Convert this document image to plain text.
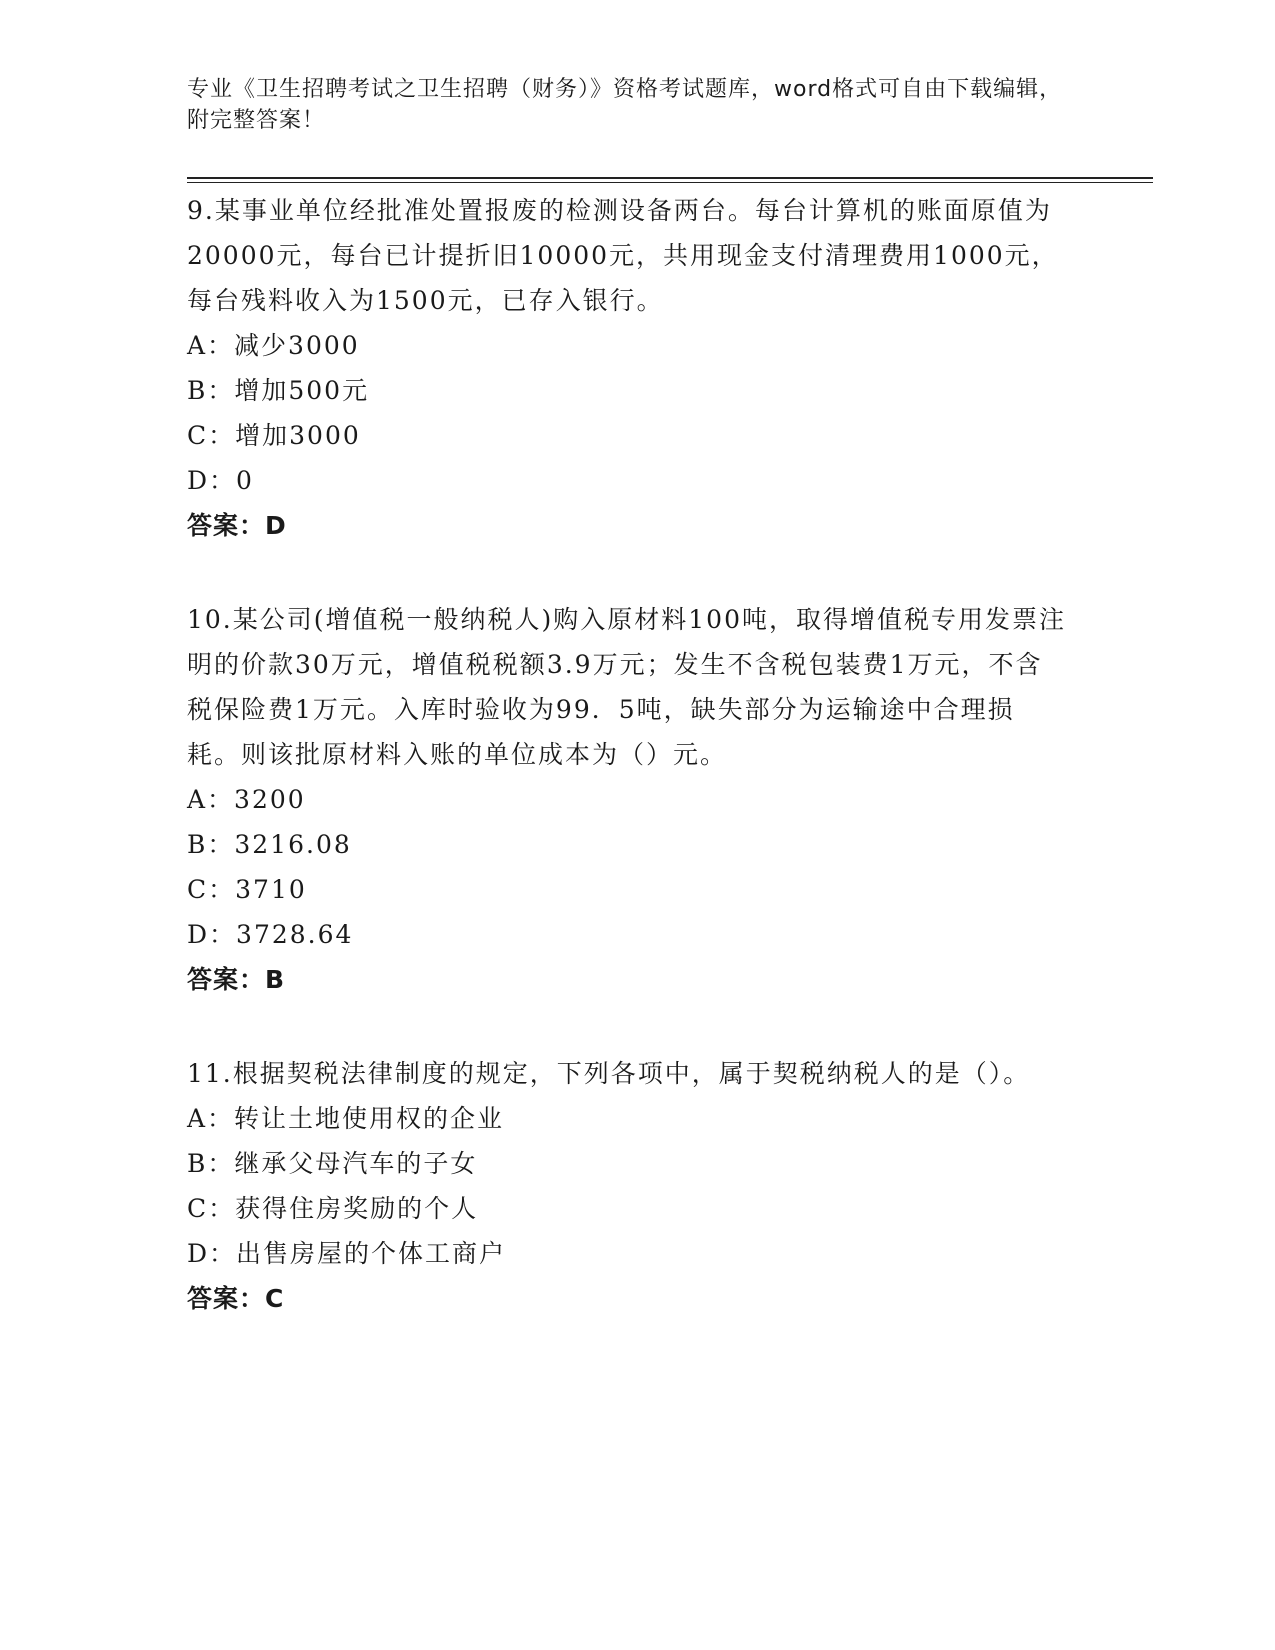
专业《卫生招聘考试之卫生招聘（财务）》资格考试题库，word格式可自由下载编辑，附完整答案！
9.某事业单位经批准处置报废的检测设备两台。每台计算机的账面原值为20000元，每台已计提折旧10000元，共用现金支付清理费用1000元，每台残料收入为1500元，已存入银行。
A：减少3000
B：增加500元
C：增加3000
D：0
答案：D
10.某公司(增值税一般纳税人)购入原材料100吨，取得增值税专用发票注明的价款30万元，增值税税额3.9万元；发生不含税包装费1万元，不含税保险费1万元。入库时验收为99．5吨，缺失部分为运输途中合理损耗。则该批原材料入账的单位成本为（）元。
A：3200
B：3216.08
C：3710
D：3728.64
答案：B
11.根据契税法律制度的规定，下列各项中，属于契税纳税人的是（）。
A：转让土地使用权的企业
B：继承父母汽车的子女
C：获得住房奖励的个人
D：出售房屋的个体工商户
答案：C
